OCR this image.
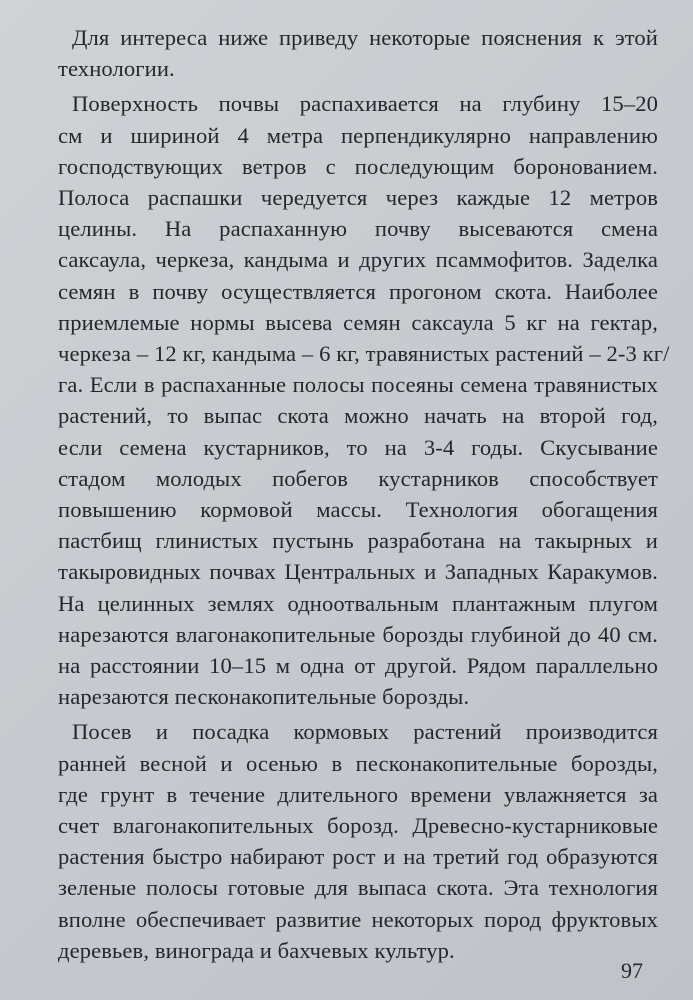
Для интереса ниже приведу некоторые пояснения к этой
технологии.

Поверхность почвы распахивается на глубину 15–20
см и шириной 4 метра перпендикулярно направлению
господствующих ветров с последующим боронованием.
Полоса распашки чередуется через каждые 12 метров
целины. На распаханную почву высеваются смена
саксаула, черкеза, кандыма и других псаммофитов. Заделка
семян в почву осуществляется прогоном скота. Наиболее
приемлемые нормы высева семян саксаула 5 кг на гектар,
черкеза – 12 кг, кандыма – 6 кг, травянистых растений – 2-3 кг/
га. Если в распаханные полосы посеяны семена травянистых
растений, то выпас скота можно начать на второй год,
если семена кустарников, то на 3-4 годы. Скусывание
стадом молодых побегов кустарников способствует
повышению кормовой массы. Технология обогащения
пастбищ глинистых пустынь разработана на такырных и
такыровидных почвах Центральных и Западных Каракумов.
На целинных землях одноотвальным плантажным плугом
нарезаются влагонакопительные борозды глубиной до 40 см.
на расстоянии 10–15 м одна от другой. Рядом параллельно
нарезаются песконакопительные борозды.

Посев и посадка кормовых растений производится
ранней весной и осенью в песконакопительные борозды,
где грунт в течение длительного времени увлажняется за
счет влагонакопительных борозд. Древесно-кустарниковые
растения быстро набирают рост и на третий год образуются
зеленые полосы готовые для выпаса скота. Эта технология
вполне обеспечивает развитие некоторых пород фруктовых
деревьев, винограда и бахчевых культур.

97
